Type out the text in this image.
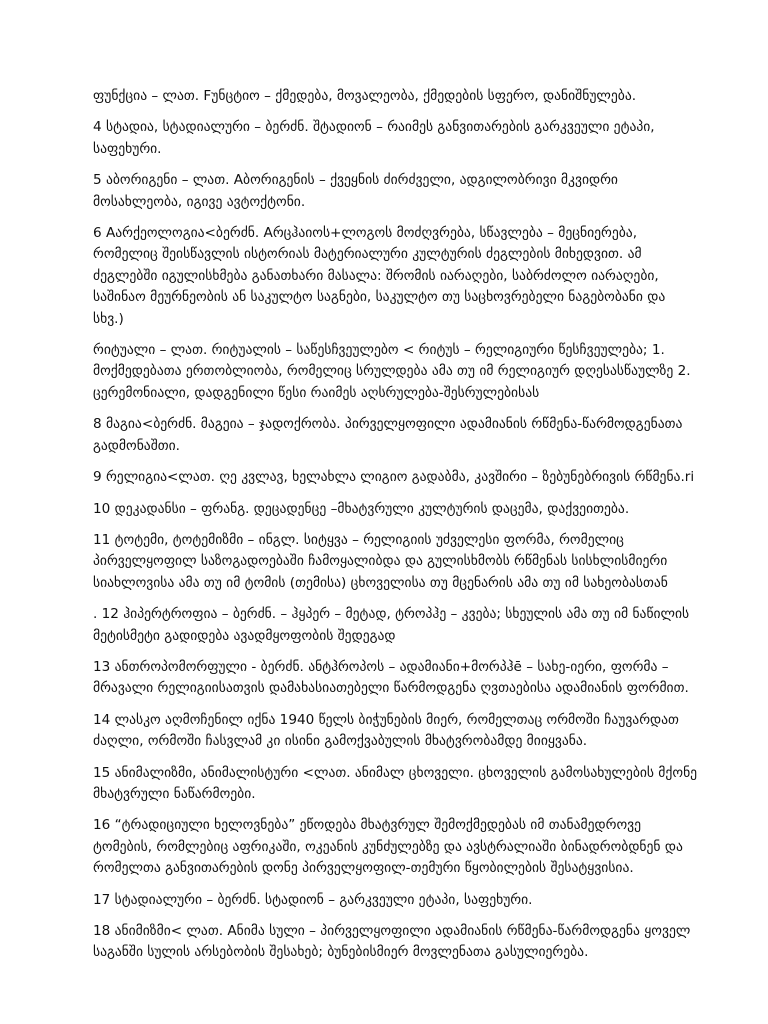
ფუნქცია – ლათ. Fუნცტიო – ქმედება, მოვალეობა, ქმედების სფერო, დანიშნულება.

4 სტადია, სტადიალური – ბერძნ. შტადიონ – რაიმეს განვითარების გარკვეული ეტაპი, საფეხური.

5 აბორიგენი – ლათ. Aბორიგენის – ქვეყნის ძირძველი, ადგილობრივი მკვიდრი მოსახლეობა, იგივე ავტოქტონი.

6 Aარქეოლოგია<ბერძნ. Aრცჰაიოს+ლოგოს მოძღვრება, სწავლება – მეცნიერება, რომელიც შეისწავლის ისტორიას მატერიალური კულტურის ძეგლების მიხედვით. ამ ძეგლებში იგულისხმება განათხარი მასალა: შრომის იარაღები, საბრძოლო იარაღები, საშინაო მეურნეობის ან საკულტო საგნები, საკულტო თუ საცხოვრებელი ნაგებობანი და სხვ.)

რიტუალი – ლათ. რიტუალის – საწესჩვეულებო < რიტუს – რელიგიური წესჩვეულება; 1. მოქმედებათა ერთობლიობა, რომელიც სრულდება ამა თუ იმ რელიგიურ დღესასწაულზე 2. ცერემონიალი, დადგენილი წესი რაიმეს აღსრულება-შესრულებისას

8 მაგია<ბერძნ. მაგეია – ჯადოქრობა. პირველყოფილი ადამიანის რწმენა-წარმოდგენათა გადმონაშთი.

9 რელიგია<ლათ. ღე კვლავ, ხელახლა ლიგიო გადაბმა, კავშირი – ზებუნებრივის რწმენა.ri

10 დეკადანსი – ფრანგ. დეცადენცე –მხატვრული კულტურის დაცემა, დაქვეითება.

11 ტოტემი, ტოტემიზმი – ინგლ. სიტყვა – რელიგიის უძველესი ფორმა, რომელიც პირველყოფილ საზოგადოებაში ჩამოყალიბდა და გულისხმობს რწმენას სისხლისმიერი სიახლოვისა ამა თუ იმ ტომის (თემისა) ცხოველისა თუ მცენარის ამა თუ იმ სახეობასთან

. 12 ჰიპერტროფია – ბერძნ. – ჰყპერ – მეტად, ტროპჰე – კვება; სხეულის ამა თუ იმ ნაწილის მეტისმეტი გადიდება ავადმყოფობის შედეგად

13 ანთროპომორფული - ბერძნ. ანტჰროპოს – ადამიანი+მორპჰē – სახე-იერი, ფორმა – მრავალი რელიგიისათვის დამახასიათებელი წარმოდგენა ღვთაებისა ადამიანის ფორმით.

14 ლასკო აღმოჩენილ იქნა 1940 წელს ბიჭუნების მიერ, რომელთაც ორმოში ჩაუვარდათ ძაღლი, ორმოში ჩასვლამ კი ისინი გამოქვაბულის მხატვრობამდე მიიყვანა.

15 ანიმალიზმი, ანიმალისტური <ლათ. ანიმალ ცხოველი. ცხოველის გამოსახულების მქონე მხატვრული ნაწარმოები.

16 “ტრადიციული ხელოვნება” ეწოდება მხატვრულ შემოქმედებას იმ თანამედროვე ტომების, რომლებიც აფრიკაში, ოკეანის კუნძულებზე და ავსტრალიაში ბინადრობდნენ და რომელთა განვითარების დონე პირველყოფილ-თემური წყობილების შესატყვისია.

17 სტადიალური – ბერძნ. სტადიონ – გარკვეული ეტაპი, საფეხური.

18 ანიმიზმი< ლათ. Aნიმა სული – პირველყოფილი ადამიანის რწმენა-წარმოდგენა ყოველ საგანში სულის არსებობის შესახებ; ბუნებისმიერ მოვლენათა გასულიერება.
